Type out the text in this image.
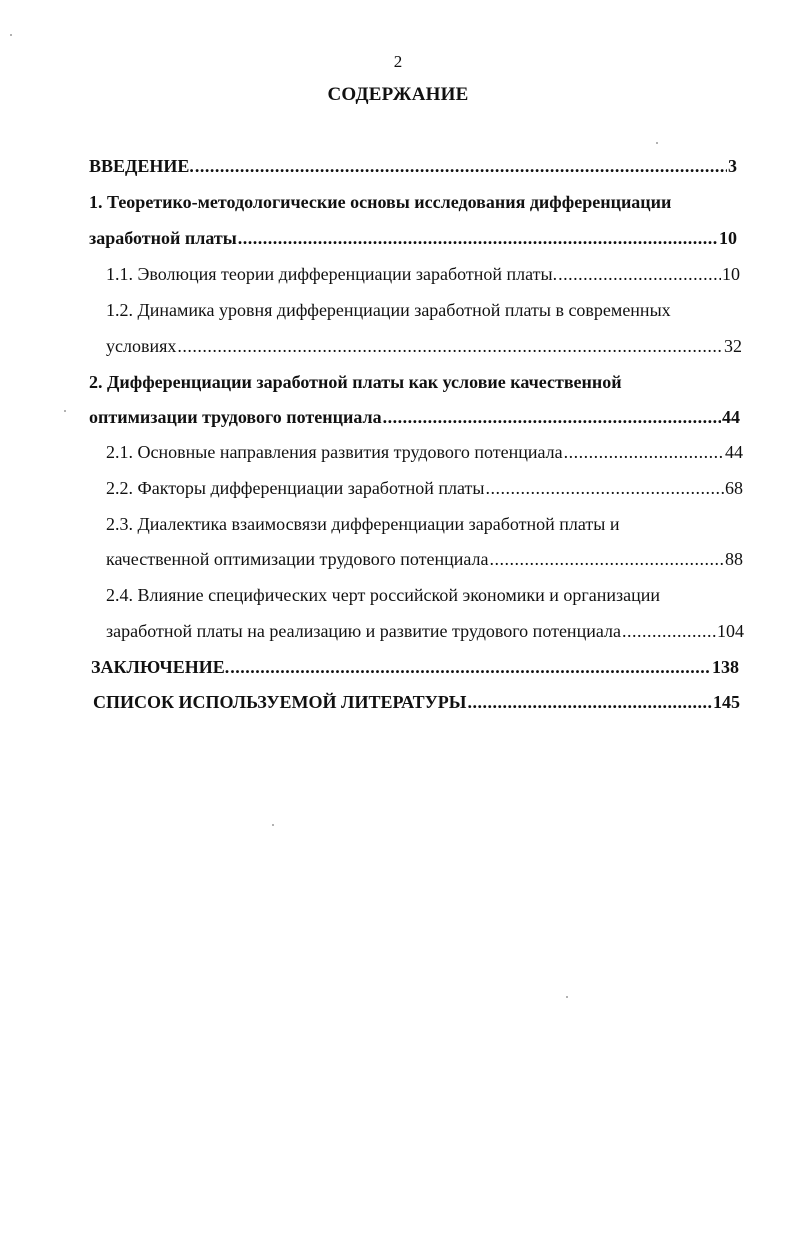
2
СОДЕРЖАНИЕ
ВВЕДЕНИЕ. .....	3
1. Теоретико-методологические основы исследования дифференциации
заработной платы .....	10
1.1. Эволюция теории дифференциации заработной платы. .....	10
1.2. Динамика уровня дифференциации заработной платы в современных
условиях .....	32
2. Дифференциации заработной платы как условие качественной
оптимизации трудового потенциала .....	44
2.1. Основные направления развития трудового потенциала .....	44
2.2. Факторы дифференциации заработной платы .....	68
2.3. Диалектика взаимосвязи дифференциации заработной платы и
качественной оптимизации трудового потенциала .....	88
2.4. Влияние специфических черт российской экономики и организации
заработной платы на реализацию и развитие трудового потенциала .....	104
ЗАКЛЮЧЕНИЕ. .....	138
СПИСОК ИСПОЛЬЗУЕМОЙ ЛИТЕРАТУРЫ .....	145
